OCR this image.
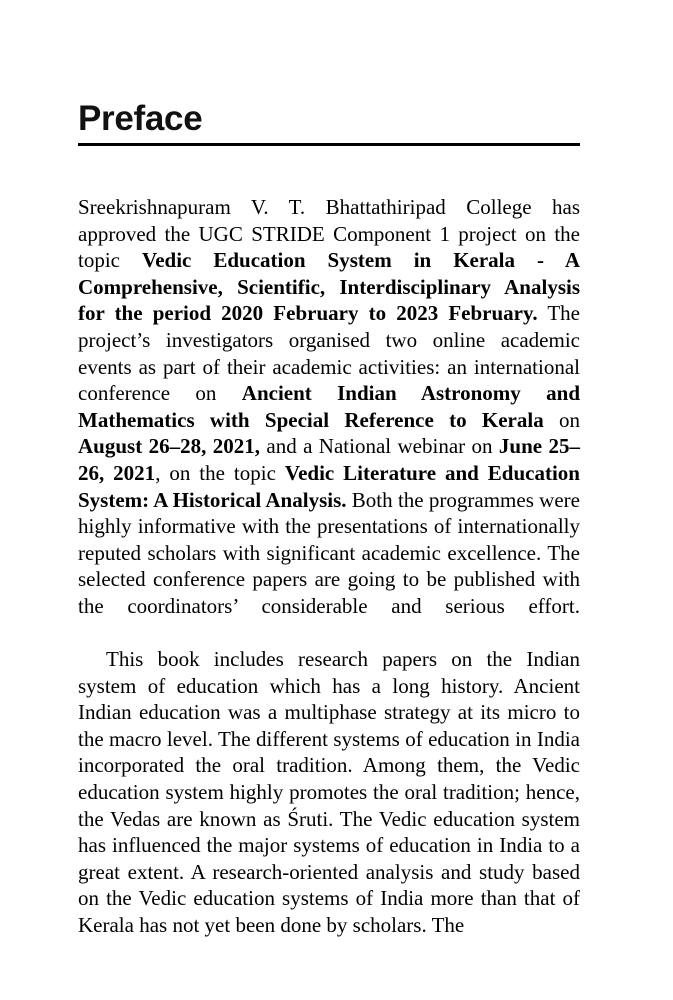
Preface

Sreekrishnapuram V. T. Bhattathiripad College has approved the UGC STRIDE Component 1 project on the topic Vedic Education System in Kerala - A Comprehensive, Scientific, Interdisciplinary Analysis for the period 2020 February to 2023 February. The project’s investigators organised two online academic events as part of their academic activities: an international conference on Ancient Indian Astronomy and Mathematics with Special Reference to Kerala on August 26–28, 2021, and a National webinar on June 25–26, 2021, on the topic Vedic Literature and Education System: A Historical Analysis. Both the programmes were highly informative with the presentations of internationally reputed scholars with significant academic excellence. The selected conference papers are going to be published with the coordinators’ considerable and serious effort.

This book includes research papers on the Indian system of education which has a long history. Ancient Indian education was a multiphase strategy at its micro to the macro level. The different systems of education in India incorporated the oral tradition. Among them, the Vedic education system highly promotes the oral tradition; hence, the Vedas are known as Śruti. The Vedic education system has influenced the major systems of education in India to a great extent. A research-oriented analysis and study based on the Vedic education systems of India more than that of Kerala has not yet been done by scholars. The
